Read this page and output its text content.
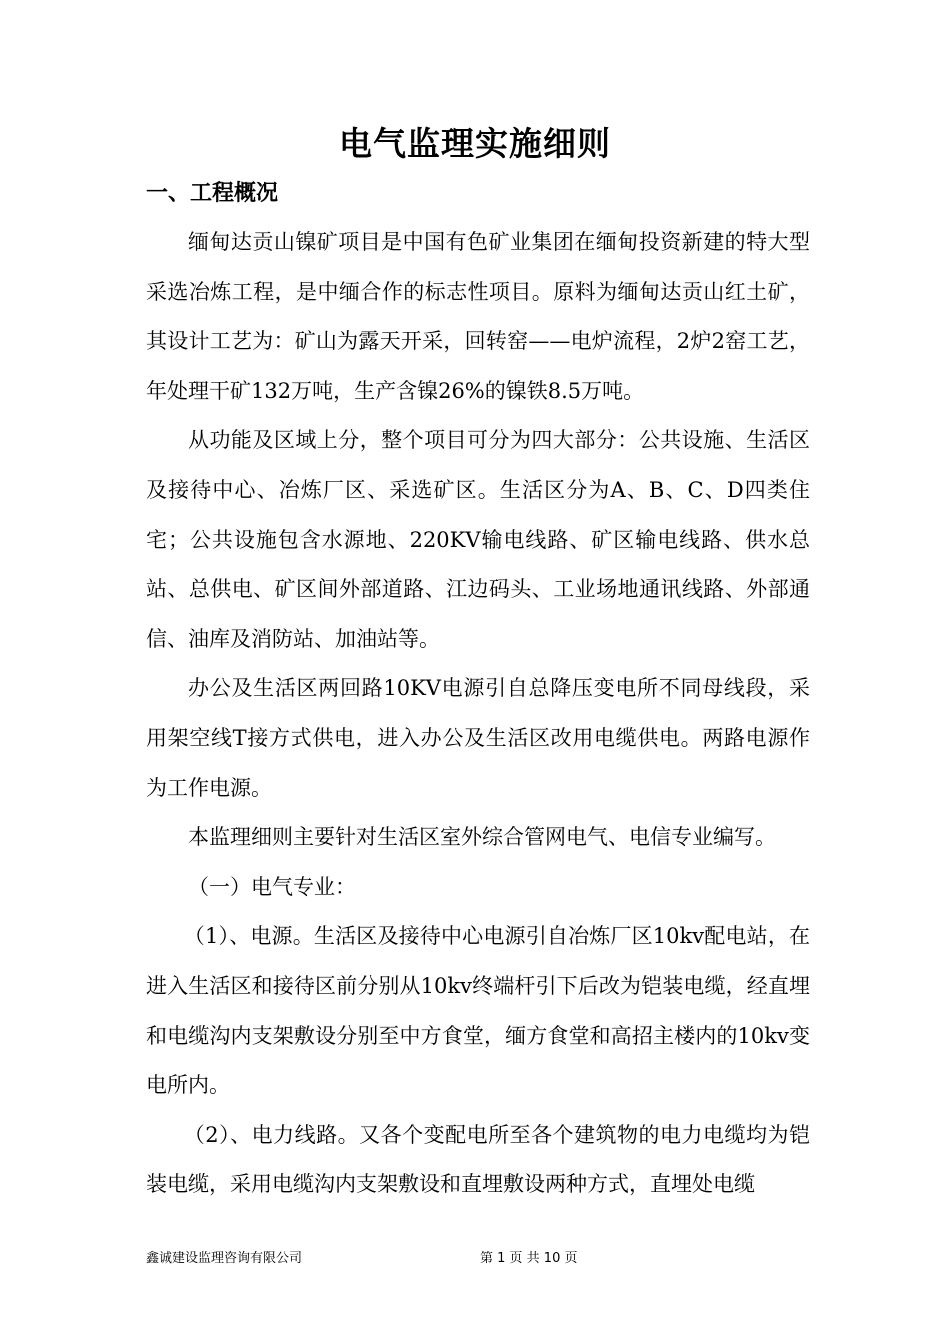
电气监理实施细则
一、工程概况

缅甸达贡山镍矿项目是中国有色矿业集团在缅甸投资新建的特大型采选冶炼工程，是中缅合作的标志性项目。原料为缅甸达贡山红土矿，其设计工艺为：矿山为露天开采，回转窑——电炉流程，2炉2窑工艺，年处理干矿132万吨，生产含镍26%的镍铁8.5万吨。

从功能及区域上分，整个项目可分为四大部分：公共设施、生活区及接待中心、冶炼厂区、采选矿区。生活区分为A、B、C、D四类住宅；公共设施包含水源地、220KV输电线路、矿区输电线路、供水总站、总供电、矿区间外部道路、江边码头、工业场地通讯线路、外部通信、油库及消防站、加油站等。

办公及生活区两回路10KV电源引自总降压变电所不同母线段，采用架空线T接方式供电，进入办公及生活区改用电缆供电。两路电源作为工作电源。

本监理细则主要针对生活区室外综合管网电气、电信专业编写。

（一）电气专业：

（1）、电源。生活区及接待中心电源引自冶炼厂区10kv配电站，在进入生活区和接待区前分别从10kv终端杆引下后改为铠装电缆，经直埋和电缆沟内支架敷设分别至中方食堂，缅方食堂和高招主楼内的10kv变电所内。

（2）、电力线路。又各个变配电所至各个建筑物的电力电缆均为铠装电缆，采用电缆沟内支架敷设和直埋敷设两种方式，直埋处电缆

鑫诚建设监理咨询有限公司	第 1 页 共 10 页
